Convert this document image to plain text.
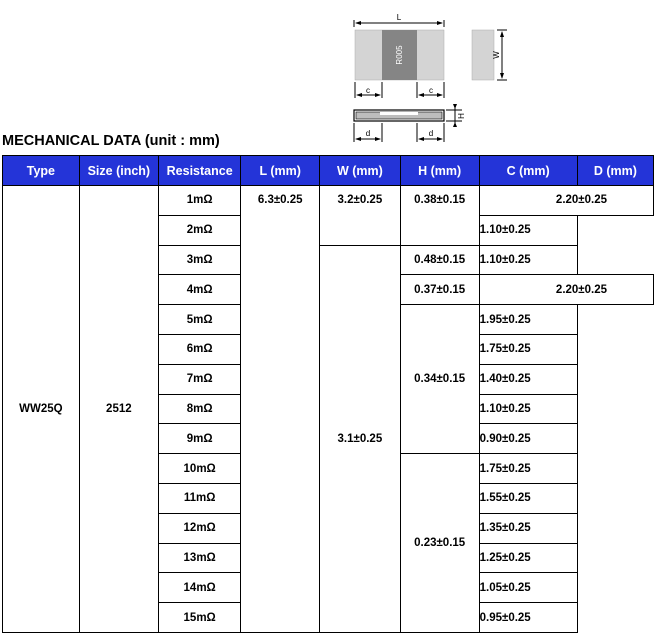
L
R005
c	c
W
H
d	d
MECHANICAL DATA (unit : mm)
Type	Size (inch)	Resistance	L (mm)	W (mm)	H (mm)	C (mm)	D (mm)
WW25Q	2512	1mΩ	6.3±0.25	3.2±0.25	0.38±0.15	2.20±0.25	
		2mΩ				1.10±0.25	
		3mΩ		3.1±0.25	0.48±0.15	1.10±0.25	
		4mΩ			0.37±0.15	2.20±0.25	
		5mΩ			0.34±0.15	1.95±0.25	
		6mΩ				1.75±0.25	
		7mΩ				1.40±0.25	
		8mΩ				1.10±0.25	
		9mΩ				0.90±0.25	
		10mΩ			0.23±0.15	1.75±0.25	
		11mΩ				1.55±0.25	
		12mΩ				1.35±0.25	
		13mΩ				1.25±0.25	
		14mΩ				1.05±0.25	
		15mΩ				0.95±0.25	
